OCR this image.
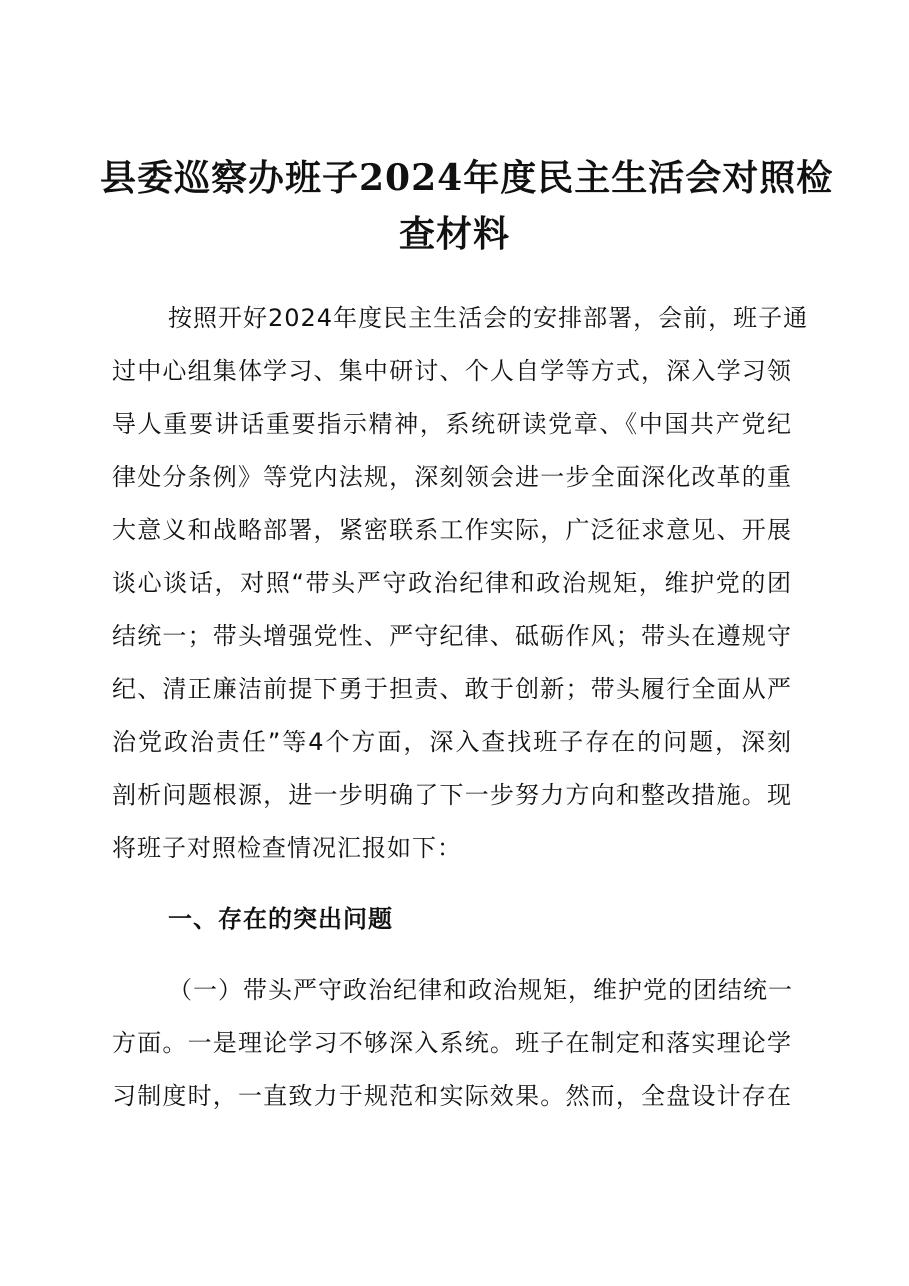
县委巡察办班子2024年度民主生活会对照检
查材料
按照开好2024年度民主生活会的安排部署，会前，班子通
过中心组集体学习、集中研讨、个人自学等方式，深入学习领
导人重要讲话重要指示精神，系统研读党章、《中国共产党纪
律处分条例》等党内法规，深刻领会进一步全面深化改革的重
大意义和战略部署，紧密联系工作实际，广泛征求意见、开展
谈心谈话，对照“带头严守政治纪律和政治规矩，维护党的团
结统一；带头增强党性、严守纪律、砥砺作风；带头在遵规守
纪、清正廉洁前提下勇于担责、敢于创新；带头履行全面从严
治党政治责任”等4个方面，深入查找班子存在的问题，深刻
剖析问题根源，进一步明确了下一步努力方向和整改措施。现
将班子对照检查情况汇报如下：
一、存在的突出问题
（一）带头严守政治纪律和政治规矩，维护党的团结统一
方面。一是理论学习不够深入系统。班子在制定和落实理论学
习制度时，一直致力于规范和实际效果。然而，全盘设计存在
